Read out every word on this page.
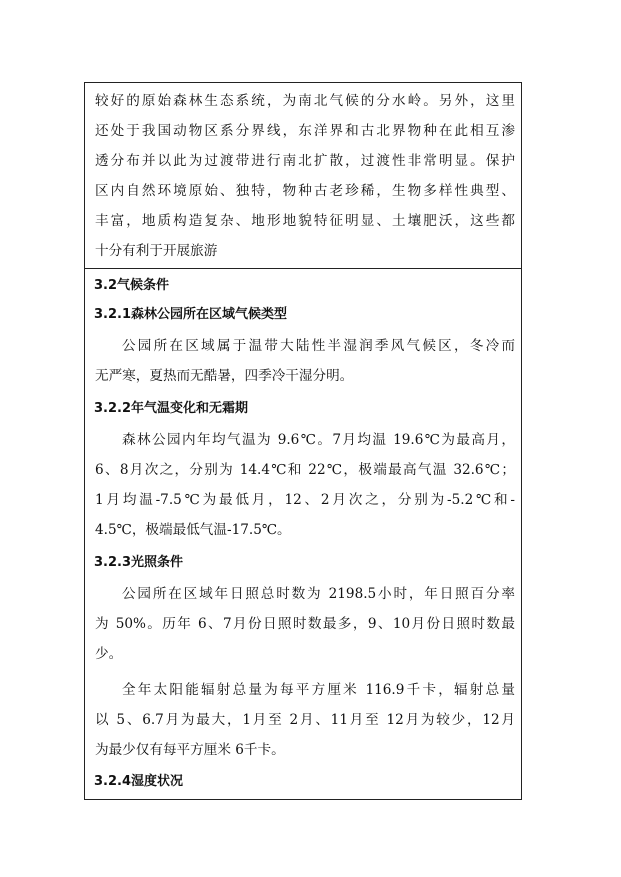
较好的原始森林生态系统，为南北气候的分水岭。另外，这里
还处于我国动物区系分界线，东洋界和古北界物种在此相互渗
透分布并以此为过渡带进行南北扩散，过渡性非常明显。保护
区内自然环境原始、独特，物种古老珍稀，生物多样性典型、
丰富，地质构造复杂、地形地貌特征明显、土壤肥沃，这些都
十分有利于开展旅游
3.2气候条件
3.2.1森林公园所在区域气候类型
公园所在区域属于温带大陆性半湿润季风气候区，冬冷而
无严寒，夏热而无酷暑，四季冷干湿分明。
3.2.2年气温变化和无霜期
森林公园内年均气温为 9.6℃。7月均温 19.6℃为最高月，
6、8月次之，分别为 14.4℃和 22℃，极端最高气温 32.6℃；
1月均温-7.5℃为最低月，12、2月次之，分别为-5.2℃和-
4.5℃，极端最低气温-17.5℃。
3.2.3光照条件
公园所在区域年日照总时数为 2198.5小时，年日照百分率
为 50%。历年 6、7月份日照时数最多，9、10月份日照时数最
少。
全年太阳能辐射总量为每平方厘米 116.9千卡，辐射总量
以 5、6.7月为最大，1月至 2月、11月至 12月为较少，12月
为最少仅有每平方厘米 6千卡。
3.2.4湿度状况
